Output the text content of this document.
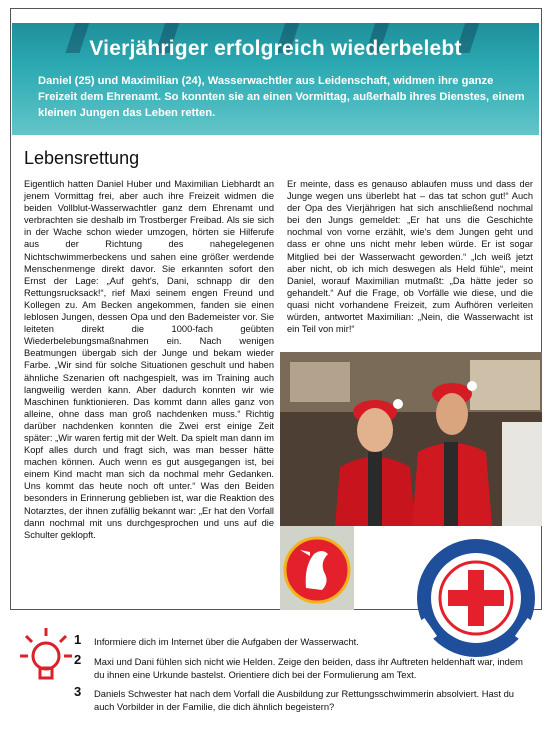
Vierjähriger erfolgreich wiederbelebt
Daniel (25) und Maximilian (24), Wasserwachtler aus Leidenschaft, widmen ihre ganze Freizeit dem Ehrenamt. So konnten sie an einen Vormittag, außerhalb ihres Dienstes, einem kleinen Jungen das Leben retten.
Lebensrettung
Eigentlich hatten Daniel Huber und Maximilian Liebhardt an jenem Vormittag frei, aber auch ihre Freizeit widmen die beiden Vollblut-Wasserwachtler ganz dem Ehrenamt und verbrachten sie deshalb im Trostberger Freibad. Als sie sich in der Wache schon wieder umzogen, hörten sie Hilferufe aus der Richtung des nahegelegenen Nichtschwimmerbeckens und sahen eine größer werdende Menschenmenge direkt davor. Sie erkannten sofort den Ernst der Lage: „Auf geht's, Dani, schnapp dir den Rettungsrucksack!“, rief Maxi seinem engen Freund und Kollegen zu. Am Becken angekommen, fanden sie einen leblosen Jungen, dessen Opa und den Bademeister vor. Sie leiteten direkt die 1000-fach geübten Wiederbelebungsmaßnahmen ein. Nach wenigen Beatmungen übergab sich der Junge und bekam wieder Farbe. „Wir sind für solche Situationen geschult und haben ähnliche Szenarien oft nachgespielt, was im Training auch langweilig werden kann. Aber dadurch konnten wir wie Maschinen funktionieren. Das kommt dann alles ganz von alleine, ohne dass man groß nachdenken muss.“ Richtig darüber nachdenken konnten die Zwei erst einige Zeit später: „Wir waren fertig mit der Welt. Da spielt man dann im Kopf alles durch und fragt sich, was man besser hätte machen können. Auch wenn es gut ausgegangen ist, bei einem Kind macht man sich da nochmal mehr Gedanken. Uns kommt das heute noch oft unter.“ Was den Beiden besonders in Erinnerung geblieben ist, war die Reaktion des Notarztes, der ihnen zufällig bekannt war: „Er hat den Vorfall dann nochmal mit uns durchgesprochen und uns auf die Schulter geklopft.
Er meinte, dass es genauso ablaufen muss und dass der Junge wegen uns überlebt hat – das tat schon gut!“ Auch der Opa des Vierjährigen hat sich anschließend nochmal bei den Jungs gemeldet: „Er hat uns die Geschichte nochmal von vorne erzählt, wie's dem Jungen geht und dass er ohne uns nicht mehr leben würde. Er ist sogar Mitglied bei der Wasserwacht geworden.“ „Ich weiß jetzt aber nicht, ob ich mich deswegen als Held fühle“, meint Daniel, worauf Maximilian mutmaßt: „Da hätte jeder so gehandelt.“ Auf die Frage, ob Vorfälle wie diese, und die quasi nicht vorhandene Freizeit, zum Aufhören verleiten würden, antwortet Maximilian: „Nein, die Wasserwacht ist ein Teil von mir!“
1 Informiere dich im Internet über die Aufgaben der Wasserwacht.
2 Maxi und Dani fühlen sich nicht wie Helden. Zeige den beiden, dass ihr Auftreten heldenhaft war, indem du ihnen eine Urkunde bastelst. Orientiere dich bei der Formulierung am Text.
3 Daniels Schwester hat nach dem Vorfall die Ausbildung zur Rettungsschwimmerin absolviert. Hast du auch Vorbilder in der Familie, die dich ähnlich begeistern?
